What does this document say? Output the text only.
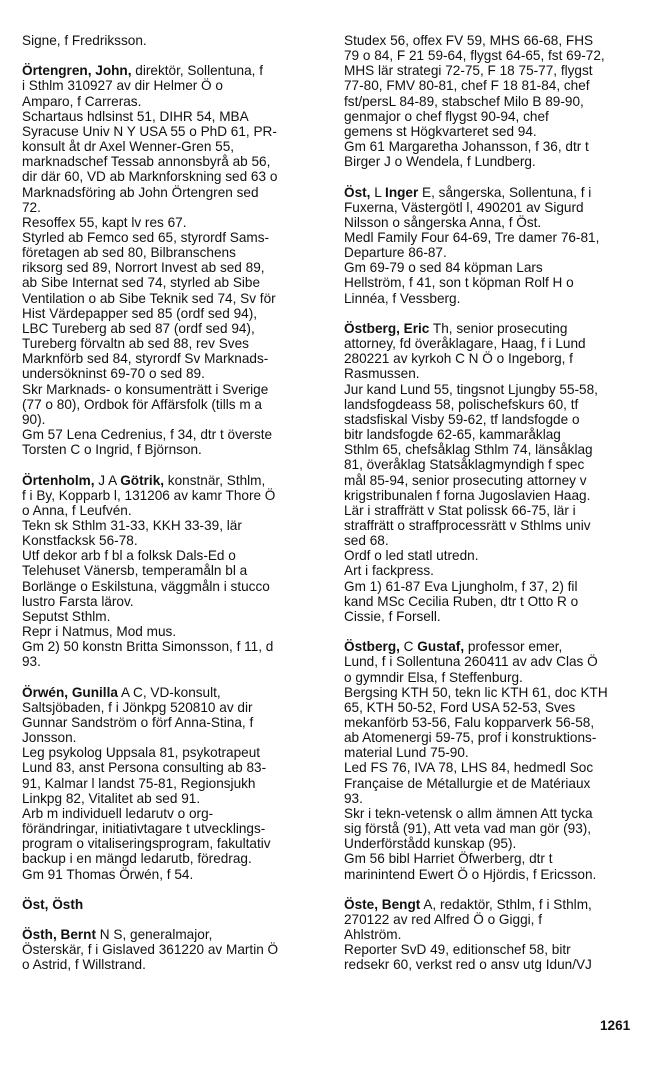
Signe, f Fredriksson.
Örtengren, John, direktör, Sollentuna, f
i Sthlm 310927 av dir Helmer Ö o
Amparo, f Carreras.
Schartaus hdlsinst 51, DIHR 54, MBA
Syracuse Univ N Y USA 55 o PhD 61, PR-
konsult åt dr Axel Wenner-Gren 55,
marknadschef Tessab annonsbyrå ab 56,
dir där 60, VD ab Marknforskning sed 63 o
Marknadsföring ab John Örtengren sed
72.
Resoffex 55, kapt lv res 67.
Styrled ab Femco sed 65, styrordf Sams-
företagen ab sed 80, Bilbranschens
riksorg sed 89, Norrort Invest ab sed 89,
ab Sibe Internat sed 74, styrled ab Sibe
Ventilation o ab Sibe Teknik sed 74, Sv för
Hist Värdepapper sed 85 (ordf sed 94),
LBC Tureberg ab sed 87 (ordf sed 94),
Tureberg förvaltn ab sed 88, rev Sves
Marknförb sed 84, styrordf Sv Marknads-
undersökninst 69-70 o sed 89.
Skr Marknads- o konsumenträtt i Sverige
(77 o 80), Ordbok för Affärsfolk (tills m a
90).
Gm 57 Lena Cedrenius, f 34, dtr t överste
Torsten C o Ingrid, f Björnson.
Örtenholm, J A Götrik, konstnär, Sthlm,
f i By, Kopparb l, 131206 av kamr Thore Ö
o Anna, f Leufvén.
Tekn sk Sthlm 31-33, KKH 33-39, lär
Konstfacksk 56-78.
Utf dekor arb f bl a folksk Dals-Ed o
Telehuset Vänersb, temperamåln bl a
Borlänge o Eskilstuna, väggmåln i stucco
lustro Farsta lärov.
Seputst Sthlm.
Repr i Natmus, Mod mus.
Gm 2) 50 konstn Britta Simonsson, f 11, d
93.
Örwén, Gunilla A C, VD-konsult,
Saltsjöbaden, f i Jönkpg 520810 av dir
Gunnar Sandström o förf Anna-Stina, f
Jonsson.
Leg psykolog Uppsala 81, psykotrapeut
Lund 83, anst Persona consulting ab 83-
91, Kalmar l landst 75-81, Regionsjukh
Linkpg 82, Vitalitet ab sed 91.
Arb m individuell ledarutv o org-
förändringar, initiativtagare t utvecklings-
program o vitaliseringsprogram, fakultativ
backup i en mängd ledarutb, föredrag.
Gm 91 Thomas Örwén, f 54.
Öst, Östh
Östh, Bernt N S, generalmajor,
Österskär, f i Gislaved 361220 av Martin Ö
o Astrid, f Willstrand.
Studex 56, offex FV 59, MHS 66-68, FHS
79 o 84, F 21 59-64, flygst 64-65, fst 69-72,
MHS lär strategi 72-75, F 18 75-77, flygst
77-80, FMV 80-81, chef F 18 81-84, chef
fst/persL 84-89, stabschef Milo B 89-90,
genmajor o chef flygst 90-94, chef
gemens st Högkvarteret sed 94.
Gm 61 Margaretha Johansson, f 36, dtr t
Birger J o Wendela, f Lundberg.
Öst, L Inger E, sångerska, Sollentuna, f i
Fuxerna, Västergötl l, 490201 av Sigurd
Nilsson o sångerska Anna, f Öst.
Medl Family Four 64-69, Tre damer 76-81,
Departure 86-87.
Gm 69-79 o sed 84 köpman Lars
Hellström, f 41, son t köpman Rolf H o
Linnéa, f Vessberg.
Östberg, Eric Th, senior prosecuting
attorney, fd överåklagare, Haag, f i Lund
280221 av kyrkoh C N Ö o Ingeborg, f
Rasmussen.
Jur kand Lund 55, tingsnot Ljungby 55-58,
landsfogdeass 58, polischefskurs 60, tf
stadsfiskal Visby 59-62, tf landsfogde o
bitr landsfogde 62-65, kammaråklag
Sthlm 65, chefsåklag Sthlm 74, länsåklag
81, överåklag Statsåklagmyndigh f spec
mål 85-94, senior prosecuting attorney v
krigstribunalen f forna Jugoslavien Haag.
Lär i straffrätt v Stat polissk 66-75, lär i
straffrätt o straffprocessrätt v Sthlms univ
sed 68.
Ordf o led statl utredn.
Art i fackpress.
Gm 1) 61-87 Eva Ljungholm, f 37, 2) fil
kand MSc Cecilia Ruben, dtr t Otto R o
Cissie, f Forsell.
Östberg, C Gustaf, professor emer,
Lund, f i Sollentuna 260411 av adv Clas Ö
o gymndir Elsa, f Steffenburg.
Bergsing KTH 50, tekn lic KTH 61, doc KTH
65, KTH 50-52, Ford USA 52-53, Sves
mekanförb 53-56, Falu kopparverk 56-58,
ab Atomenergi 59-75, prof i konstruktions-
material Lund 75-90.
Led FS 76, IVA 78, LHS 84, hedmedl Soc
Française de Métallurgie et de Matériaux
93.
Skr i tekn-vetensk o allm ämnen Att tycka
sig förstå (91), Att veta vad man gör (93),
Underförstådd kunskap (95).
Gm 56 bibl Harriet Öfwerberg, dtr t
marinintend Ewert Ö o Hjördis, f Ericsson.
Öste, Bengt A, redaktör, Sthlm, f i Sthlm,
270122 av red Alfred Ö o Giggi, f
Ahlström.
Reporter SvD 49, editionschef 58, bitr
redsekr 60, verkst red o ansv utg Idun/VJ
1261
